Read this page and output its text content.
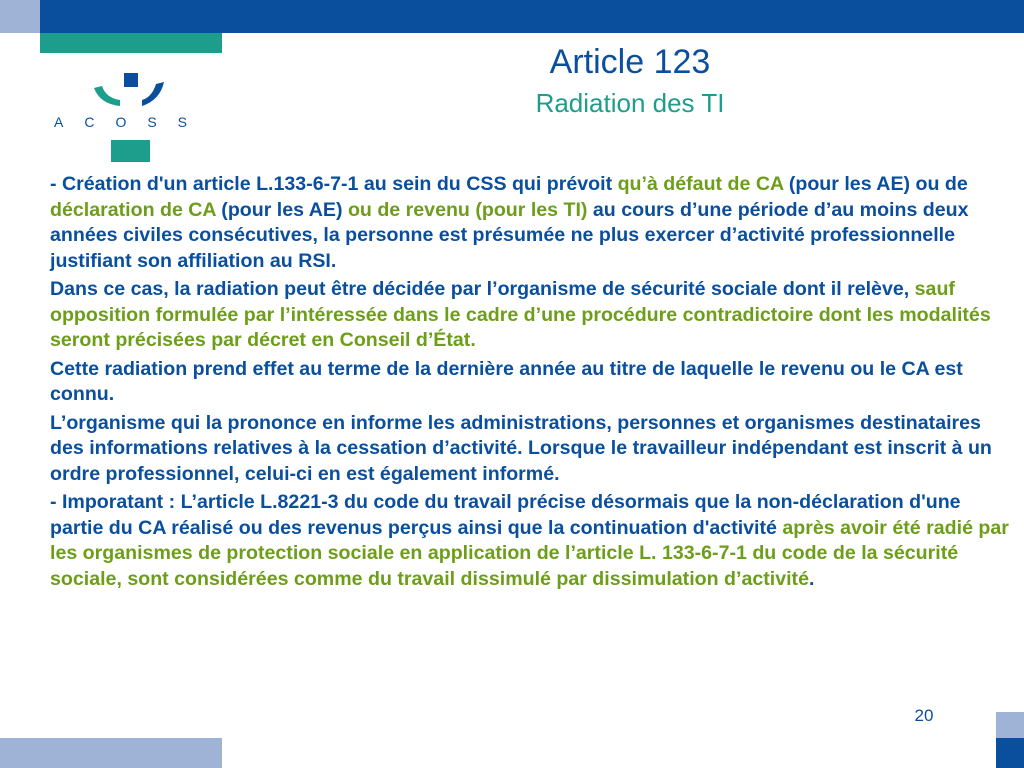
ACOSS
Article 123
Radiation des TI

- Création d'un article L.133-6-7-1 au sein du CSS qui prévoit qu’à défaut de CA (pour les AE) ou de déclaration de CA (pour les AE) ou de revenu (pour les TI) au cours d’une période d’au moins deux années civiles consécutives, la personne est présumée ne plus exercer d’activité professionnelle justifiant son affiliation au RSI.

Dans ce cas, la radiation peut être décidée par l’organisme de sécurité sociale dont il relève, sauf opposition formulée par l’intéressée dans le cadre d’une procédure contradictoire dont les modalités seront précisées par décret en Conseil d’État.

Cette radiation prend effet au terme de la dernière année au titre de laquelle le revenu ou le CA est connu.

L’organisme qui la prononce en informe les administrations, personnes et organismes destinataires des informations relatives à la cessation d’activité. Lorsque le travailleur indépendant est inscrit à un ordre professionnel, celui-ci en est également informé.

- Imporatant : L’article L.8221-3 du code du travail précise désormais que la non-déclaration d'une partie du CA réalisé ou des revenus perçus ainsi que la continuation d'activité après avoir été radié par les organismes de protection sociale en application de l’article L. 133-6-7-1 du code de la sécurité sociale, sont considérées comme du travail dissimulé par dissimulation d’activité.

20
